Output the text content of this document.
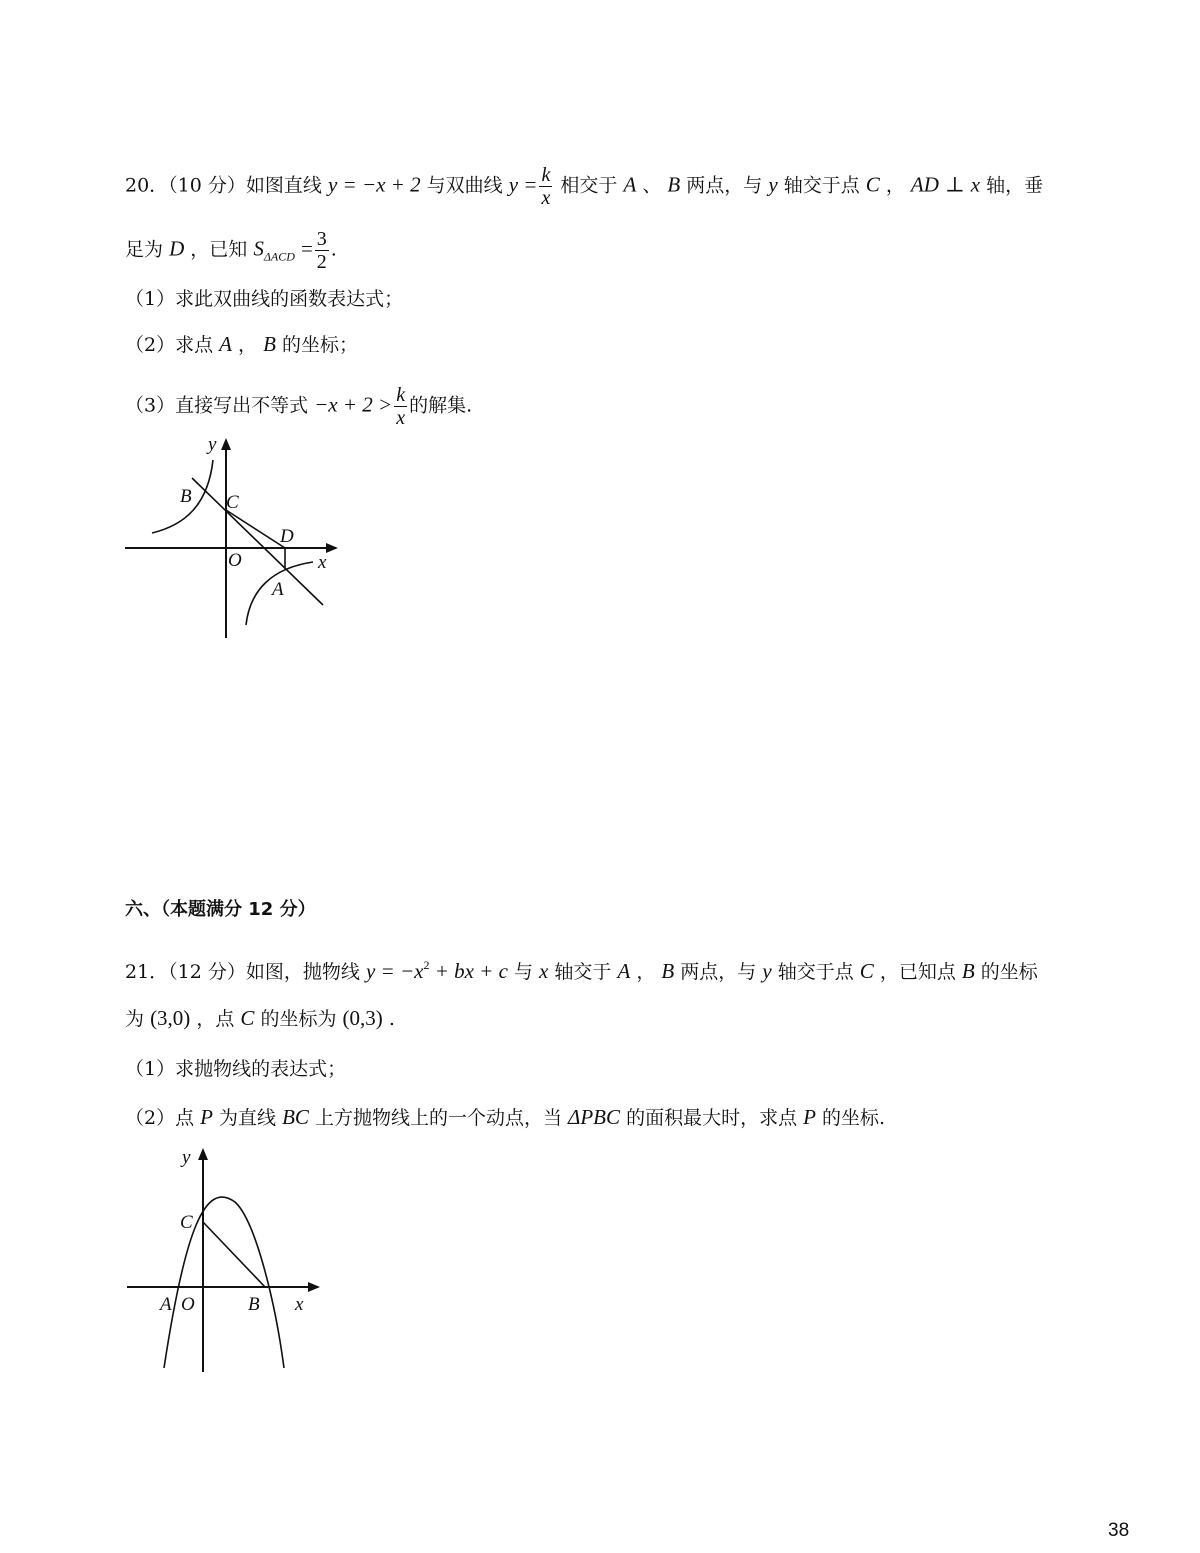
20．（10 分）如图直线 y = −x + 2 与双曲线 $y = \frac{k}{x}$ 相交于 A 、 B 两点，与 y 轴交于点 C ， AD ⊥ x 轴，垂
足为 D ，已知 $S_{\Delta ACD} = \frac{3}{2}$ .
（1）求此双曲线的函数表达式；
（2）求点 A ， B 的坐标；
（3）直接写出不等式 $-x + 2 > \frac{k}{x}$ 的解集.
y
B C
D
O	x
A
y
C
A O	B x
六、（本题满分 12 分）
21．（12 分）如图，抛物线 $y = -x^2$ + bx + c 与 x 轴交于 A ， B 两点，与 y 轴交于点 C ，已知点 B 的坐标
为 (3,0) ，点 C 的坐标为 (0,3) .
（1）求抛物线的表达式；
（2）点 P 为直线 BC 上方抛物线上的一个动点，当 ΔPBC 的面积最大时，求点 P 的坐标.
38
